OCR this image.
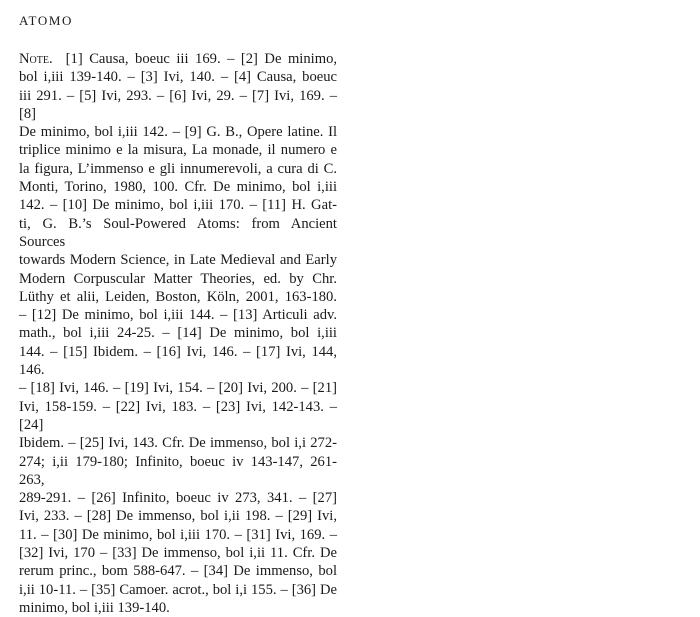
ATOMO
Note. [1] Causa, boeuc iii 169. – [2] De minimo,
bol i,iii 139-140. – [3] Ivi, 140. – [4] Causa, boeuc
iii 291. – [5] Ivi, 293. – [6] Ivi, 29. – [7] Ivi, 169. – [8]
De minimo, bol i,iii 142. – [9] G. B., Opere latine. Il
triplice minimo e la misura, La monade, il numero e
la figura, L’immenso e gli innumerevoli, a cura di C.
Monti, Torino, 1980, 100. Cfr. De minimo, bol i,iii
142. – [10] De minimo, bol i,iii 170. – [11] H. Gat-
ti, G. B.’s Soul-Powered Atoms: from Ancient Sources
towards Modern Science, in Late Medieval and Early
Modern Corpuscular Matter Theories, ed. by Chr.
Lüthy et alii, Leiden, Boston, Köln, 2001, 163-180.
– [12] De minimo, bol i,iii 144. – [13] Articuli adv.
math., bol i,iii 24-25. – [14] De minimo, bol i,iii
144. – [15] Ibidem. – [16] Ivi, 146. – [17] Ivi, 144, 146.
– [18] Ivi, 146. – [19] Ivi, 154. – [20] Ivi, 200. – [21]
Ivi, 158-159. – [22] Ivi, 183. – [23] Ivi, 142-143. – [24]
Ibidem. – [25] Ivi, 143. Cfr. De immenso, bol i,i 272-
274; i,ii 179-180; Infinito, boeuc iv 143-147, 261-263,
289-291. – [26] Infinito, boeuc iv 273, 341. – [27]
Ivi, 233. – [28] De immenso, bol i,ii 198. – [29] Ivi,
11. – [30] De minimo, bol i,iii 170. – [31] Ivi, 169. –
[32] Ivi, 170 – [33] De immenso, bol i,ii 11. Cfr. De
rerum princ., bom 588-647. – [34] De immenso, bol
i,ii 10-11. – [35] Camoer. acrot., bol i,i 155. – [36] De
minimo, bol i,iii 139-140.
